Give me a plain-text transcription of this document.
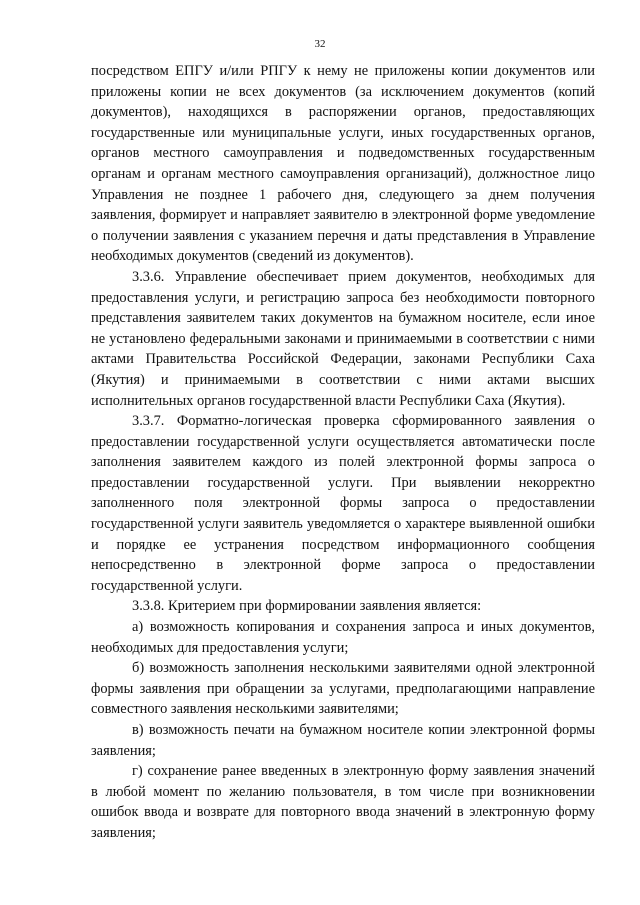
32

посредством ЕПГУ и/или РПГУ к нему не приложены копии документов или приложены копии не всех документов (за исключением документов (копий документов), находящихся в распоряжении органов, предоставляющих государственные или муниципальные услуги, иных государственных органов, органов местного самоуправления и подведомственных государственным органам и органам местного самоуправления организаций), должностное лицо Управления не позднее 1 рабочего дня, следующего за днем получения заявления, формирует и направляет заявителю в электронной форме уведомление о получении заявления с указанием перечня и даты представления в Управление необходимых документов (сведений из документов).

3.3.6. Управление обеспечивает прием документов, необходимых для предоставления услуги, и регистрацию запроса без необходимости повторного представления заявителем таких документов на бумажном носителе, если иное не установлено федеральными законами и принимаемыми в соответствии с ними актами Правительства Российской Федерации, законами Республики Саха (Якутия) и принимаемыми в соответствии с ними актами высших исполнительных органов государственной власти Республики Саха (Якутия).

3.3.7. Форматно-логическая проверка сформированного заявления о предоставлении государственной услуги осуществляется автоматически после заполнения заявителем каждого из полей электронной формы запроса о предоставлении государственной услуги. При выявлении некорректно заполненного поля электронной формы запроса о предоставлении государственной услуги заявитель уведомляется о характере выявленной ошибки и порядке ее устранения посредством информационного сообщения непосредственно в электронной форме запроса о предоставлении государственной услуги.

3.3.8. Критерием при формировании заявления является:

а) возможность копирования и сохранения запроса и иных документов, необходимых для предоставления услуги;

б) возможность заполнения несколькими заявителями одной электронной формы заявления при обращении за услугами, предполагающими направление совместного заявления несколькими заявителями;

в) возможность печати на бумажном носителе копии электронной формы заявления;

г) сохранение ранее введенных в электронную форму заявления значений в любой момент по желанию пользователя, в том числе при возникновении ошибок ввода и возврате для повторного ввода значений в электронную форму заявления;
